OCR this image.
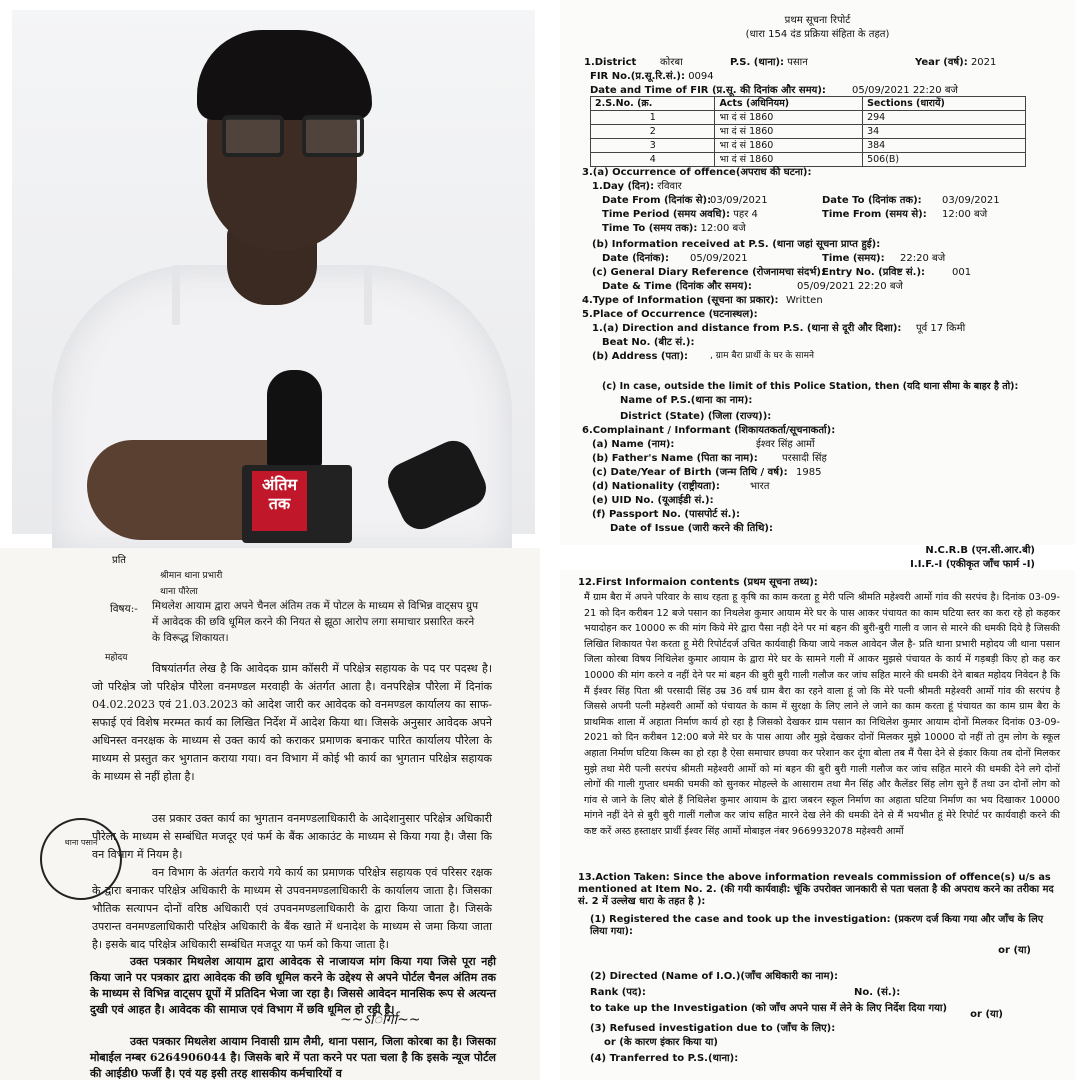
अंतिम
तक
प्रथम सूचना रिपोर्ट
(धारा 154 दंड प्रक्रिया संहिता के तहत)
1.District कोरबा	P.S. (थाना): पसान	Year (वर्ष): 2021
FIR No.(प्र.सू.रि.सं.): 0094
Date and Time of FIR (प्र.सू. की दिनांक और समय):	05/09/2021 22:20 बजे
2.S.No. (क्र.	Acts (अधिनियम)	Sections (धारायें)
1	भा दं सं 1860	294
2	भा दं सं 1860	34
3	भा दं सं 1860	384
4	भा दं सं 1860	506(B)
3.(a) Occurrence of offence(अपराध की घटना):
1.Day (दिन): रविवार
Date From (दिनांक से):
03/09/2021	Date To (दिनांक तक): 03/09/2021
Time Period (समय अवधि): पहर 4	Time From (समय से): 12:00 बजे
Time To (समय तक): 12:00 बजे
(b) Information received at P.S. (थाना जहां सूचना प्राप्त हुई):
Date (दिनांक): 05/09/2021	Time (समय): 22:20 बजे
(c) General Diary Reference (रोजनामचा संदर्भ):
Entry No. (प्रविष्ट सं.):	001
Date & Time (दिनांक और समय):	05/09/2021 22:20 बजे
4.Type of Information (सूचना का प्रकार): Written
5.Place of Occurrence (घटनास्थल):
1.(a) Direction and distance from P.S. (थाना से दूरी और दिशा): पूर्व 17 किमी
Beat No. (बीट सं.):
(b) Address (पता): , ग्राम बैरा प्रार्थी के घर के सामने
(c) In case, outside the limit of this Police Station, then (यदि थाना सीमा के बाहर है तो):
Name of P.S.(थाना का नाम):
District (State) (जिला (राज्य)):
6.Complainant / Informant (शिकायतकर्ता/सूचनाकर्ता):
(a) Name (नाम):	ईश्वर सिंह आर्मो
(b) Father's Name (पिता का नाम): परसादी सिंह
(c) Date/Year of Birth (जन्म तिथि / वर्ष): 1985
(d) Nationality (राष्ट्रीयता):	भारत
(e) UID No. (यूआईडी सं.):
(f) Passport No. (पासपोर्ट सं.):
Date of Issue (जारी करने की तिथि):
N.C.R.B (एन.सी.आर.बी)
I.I.F.-I (एकीकृत जाँच फार्म -I)
12.First Informaion contents (प्रथम सूचना तथ्य):
मैं ग्राम बैरा में अपने परिवार के साथ रहता हू कृषि का काम करता हू मेरी पत्नि श्रीमति महेश्वरी आर्मो गांव की सरपंच है। दिनांक 03-09-21 को दिन करीबन 12 बजे पसान का निथलेश कुमार आयाम मेरे घर के पास आकर पंचायत का काम घटिया स्तर का करा रहे हो कहकर भयादोहन कर 10000 रू की मांग किये मेरे द्वारा पैसा नही देने पर मां बहन की बुरी-बुरी गाली व जान से मारने की धमकी दिये है जिसकी लिखित शिकायत पेश करता हू मेरी रिपोर्टदर्ज उचित कार्यवाही किया जाये नकल आवेदन जैल है- प्रति थाना प्रभारी महोदय जी थाना पसान जिला कोरबा विषय निथिलेश कुमार आयाम के द्वारा मेरे घर के सामने गली में आकर मुझसे पंचायत के कार्य में गड़बड़ी किए हो कह कर 10000 की मांग करने व नहीं देने पर मां बहन की बुरी बुरी गाली गलौज कर जांच सहित मारने की धमकी देने बाबत महोदय निवेदन है कि मैं ईश्वर सिंह पिता श्री परसादी सिंह उम्र 36 वर्ष ग्राम बैरा का रहने वाला हूं जो कि मेरे पत्नी श्रीमती महेश्वरी आर्मो गांव की सरपंच है जिससे अपनी पत्नी महेश्वरी आर्मो को पंचायत के काम में सुरक्षा के लिए लाने ले जाने का काम करता हूं पंचायत का काम ग्राम बैरा के प्राथमिक शाला में अहाता निर्माण कार्य हो रहा है जिसको देखकर ग्राम पसान का निथिलेश कुमार आयाम दोनों मिलकर दिनांक 03-09-2021 को दिन करीबन 12:00 बजे मेरे घर के पास आया और मुझे देखकर दोनों मिलकर मुझे 10000 दो नहीं तो तुम लोग के स्कूल अहाता निर्माण घटिया किस्म का हो रहा है ऐसा समाचार छपवा कर परेशान कर दूंगा बोला तब मैं पैसा देने से इंकार किया तब दोनों मिलकर मुझे तथा मेरी पत्नी सरपंच श्रीमती महेश्वरी आर्मो को मां बहन की बुरी बुरी गाली गलौज कर जांच सहित मारने की धमकी देने लगे दोनों लोगों की गाली गुप्तार धमकी चमकी को सुनकर मोहल्ले के आसाराम तथा मैन सिंह और कैलेंडर सिंह लोग सुने हैं तथा उन दोनों लोग को गांव से जाने के लिए बोले हैं निथिलेश कुमार आयाम के द्वारा जबरन स्कूल निर्माण का अहाता घटिया निर्माण का भय दिखाकर 10000 मांगने नहीं देने से बुरी बुरी गालीं गलौज कर जांच सहित मारने देख लेने की धमकी देने से मैं भयभीत हूं मेरे रिपोर्ट पर कार्यवाही करने की कष्ट करें अस्ठ हस्ताक्षर प्रार्थी ईश्वर सिंह आर्मो मोबाइल नंबर 9669932078 महेश्वरी आर्मो
13.Action Taken: Since the above information reveals commission of offence(s) u/s as mentioned at Item No. 2. (की गयी कार्यवाही: चूंकि उपरोक्त जानकारी से पता चलता है की अपराध करने का तरीका मद सं. 2 में उल्लेख धारा के तहत है ):
(1) Registered the case and took up the investigation: (प्रकरण दर्ज किया गया और जाँच के लिए लिया गया):
or (या)
(2) Directed (Name of I.O.)(जाँच अधिकारी का नाम):
Rank (पद):	No. (सं.):
to take up the Investigation (को जाँच अपने पास में लेने के लिए निर्देश दिया गया)
or (या)
(3) Refused investigation due to (जाँच के लिए):
or (के कारण इंकार किया या)
(4) Tranferred to P.S.(थाना):
प्रति
श्रीमान थाना प्रभारी
थाना पौरेला
विषय:- मिथलेश आयाम द्वारा अपने चैनल अंतिम तक में पोटल के माध्यम से विभिन्न वाट्सप ग्रुप में आवेदक की छवि धूमिल करने की नियत से झूठा आरोप लगा समाचार प्रसारित करने के विरूद्ध शिकायत।
महोदय
विषयांतर्गत लेख है कि आवेदक ग्राम कॉसरी में परिक्षेत्र सहायक के पद पर पदस्थ है। जो परिक्षेत्र जो परिक्षेत्र पौरेला वनमण्डल मरवाही के अंतर्गत आता है। वनपरिक्षेत्र पौरेला में दिनांक 04.02.2023 एवं 21.03.2023 को आदेश जारी कर आवेदक को वनमण्डल कार्यालय का साफ-सफाई एवं विशेष मरम्मत कार्य का लिखित निर्देश में आदेश किया था। जिसके अनुसार आवेदक अपने अधिनस्त वनरक्षक के माध्यम से उक्त कार्य को कराकर प्रमाणक बनाकर पारित कार्यालय पौरेला के माध्यम से प्रस्तुत कर भुगतान कराया गया। वन विभाग में कोई भी कार्य का भुगतान परिक्षेत्र सहायक के माध्यम से नहीं होता है।
उस प्रकार उक्त कार्य का भुगतान वनमण्डलाधिकारी के आदेशानुसार परिक्षेत्र अधिकारी पौरेला के माध्यम से सम्बंधित मजदूर एवं फर्म के बैंक आकाउंट के माध्यम से किया गया है। जैसा कि वन विभाग में नियम है।
वन विभाग के अंतर्गत कराये गये कार्य का प्रमाणक परिक्षेत्र सहायक एवं परिसर रक्षक के द्वारा बनाकर परिक्षेत्र अधिकारी के माध्यम से उपवनमण्डलाधिकारी के कार्यालय जाता है। जिसका भौतिक सत्यापन दोनों वरिष्ठ अधिकारी एवं उपवनमण्डलाधिकारी के द्वारा किया जाता है। जिसके उपरान्त वनमण्डलाधिकारी परिक्षेत्र अधिकारी के बैंक खाते में धनादेश के माध्यम से जमा किया जाता है। इसके बाद परिक्षेत्र अधिकारी सम्बंधित मजदूर या फर्म को किया जाता है।
उक्त पत्रकार मिथलेश आयाम द्वारा आवेदक से नाजायज मांग किया गया जिसे पूरा नही किया जाने पर पत्रकार द्वारा आवेदक की छवि धूमिल करने के उद्देश्य से अपने पोर्टल चैनल अंतिम तक के माध्यम से विभिन्न वाट्सप ग्रूपों में प्रतिदिन भेजा जा रहा है। जिससे आवेदन मानसिक रूप से अत्यन्त दुखी एवं आहत है। आवेदक की सामाज एवं विभाग में छवि धूमिल हो रही है।
उक्त पत्रकार मिथलेश आयाम निवासी ग्राम लैमी, थाना पसान, जिला कोरबा का है। जिसका मोबाईल नम्बर 6264906044 है। जिसके बारे में पता करने पर पता चला है कि इसके न्यूज पोर्टल की आईडी0 फर्जी है। एवं यह इसी तरह शासकीय कर्मचारियों व
थाना पसान
~~ऽिर्गिा~~
